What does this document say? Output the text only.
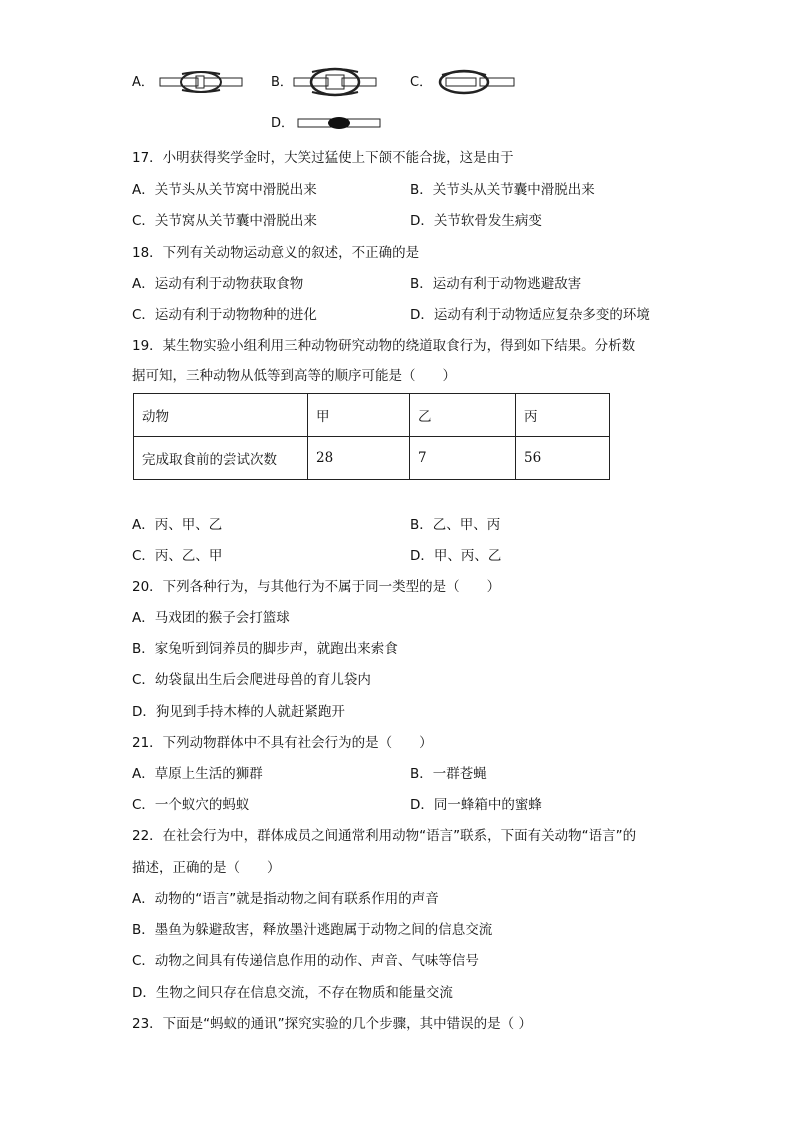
A．	B．	C．
D．
17．小明获得奖学金时，大笑过猛使上下颌不能合拢，这是由于
A．关节头从关节窝中滑脱出来	B．关节头从关节囊中滑脱出来
C．关节窝从关节囊中滑脱出来	D．关节软骨发生病变
18．下列有关动物运动意义的叙述，不正确的是
A．运动有利于动物获取食物	B．运动有利于动物逃避敌害
C．运动有利于动物物种的进化	D．运动有利于动物适应复杂多变的环境
19．某生物实验小组利用三种动物研究动物的绕道取食行为，得到如下结果。分析数
据可知，三种动物从低等到高等的顺序可能是（　　）
动物	甲	乙	丙
完成取食前的尝试次数	28	7	56
A．丙、甲、乙	B．乙、甲、丙
C．丙、乙、甲	D．甲、丙、乙
20．下列各种行为，与其他行为不属于同一类型的是（　　）
A．马戏团的猴子会打篮球
B．家兔听到饲养员的脚步声，就跑出来索食
C．幼袋鼠出生后会爬进母兽的育儿袋内
D．狗见到手持木棒的人就赶紧跑开
21．下列动物群体中不具有社会行为的是（　　）
A．草原上生活的狮群	B．一群苍蝇
C．一个蚁穴的蚂蚁	D．同一蜂箱中的蜜蜂
22．在社会行为中，群体成员之间通常利用动物“语言”联系，下面有关动物“语言”的
描述，正确的是（　　）
A．动物的“语言”就是指动物之间有联系作用的声音
B．墨鱼为躲避敌害，释放墨汁逃跑属于动物之间的信息交流
C．动物之间具有传递信息作用的动作、声音、气味等信号
D．生物之间只存在信息交流，不存在物质和能量交流
23．下面是“蚂蚁的通讯”探究实验的几个步骤，其中错误的是（ ）
